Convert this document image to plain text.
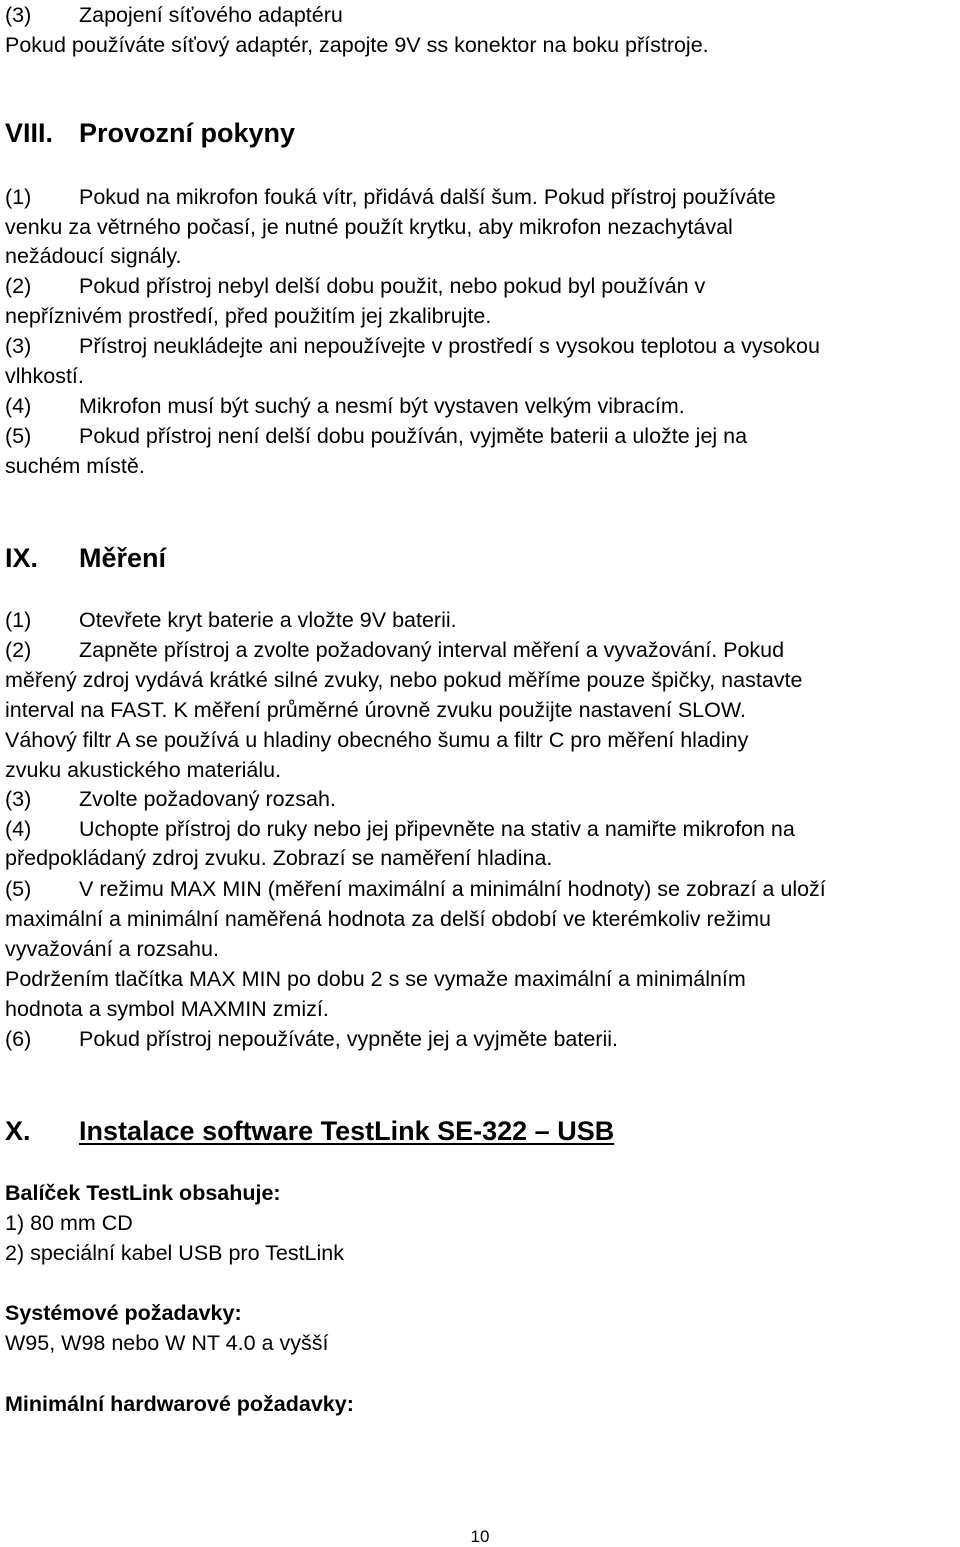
(3) Zapojení síťového adaptéru

Pokud používáte síťový adaptér, zapojte 9V ss konektor na boku přístroje.

VIII. Provozní pokyny

(1) Pokud na mikrofon fouká vítr, přidává další šum. Pokud přístroj používáte

venku za větrného počasí, je nutné použít krytku, aby mikrofon nezachytával

nežádoucí signály.

(2) Pokud přístroj nebyl delší dobu použit, nebo pokud byl používán v

nepříznivém prostředí, před použitím jej zkalibrujte.

(3) Přístroj neukládejte ani nepoužívejte v prostředí s vysokou teplotou a vysokou

vlhkostí.

(4) Mikrofon musí být suchý a nesmí být vystaven velkým vibracím.

(5) Pokud přístroj není delší dobu používán, vyjměte baterii a uložte jej na

suchém místě.

IX. Měření

(1) Otevřete kryt baterie a vložte 9V baterii.

(2) Zapněte přístroj a zvolte požadovaný interval měření a vyvažování. Pokud

měřený zdroj vydává krátké silné zvuky, nebo pokud měříme pouze špičky, nastavte

interval na FAST. K měření průměrné úrovně zvuku použijte nastavení SLOW.

Váhový filtr A se používá u hladiny obecného šumu a filtr C pro měření hladiny

zvuku akustického materiálu.

(3) Zvolte požadovaný rozsah.

(4) Uchopte přístroj do ruky nebo jej připevněte na stativ a namiřte mikrofon na

předpokládaný zdroj zvuku. Zobrazí se naměření hladina.

(5) V režimu MAX MIN (měření maximální a minimální hodnoty) se zobrazí a uloží

maximální a minimální naměřená hodnota za delší období ve kterémkoliv režimu

vyvažování a rozsahu.

Podržením tlačítka MAX MIN po dobu 2 s se vymaže maximální a minimálním

hodnota a symbol MAXMIN zmizí.

(6) Pokud přístroj nepoužíváte, vypněte jej a vyjměte baterii.

X. Instalace software TestLink SE-322 – USB

Balíček TestLink obsahuje:

1) 80 mm CD

2) speciální kabel USB pro TestLink

Systémové požadavky:

W95, W98 nebo W NT 4.0 a vyšší

Minimální hardwarové požadavky:

10
